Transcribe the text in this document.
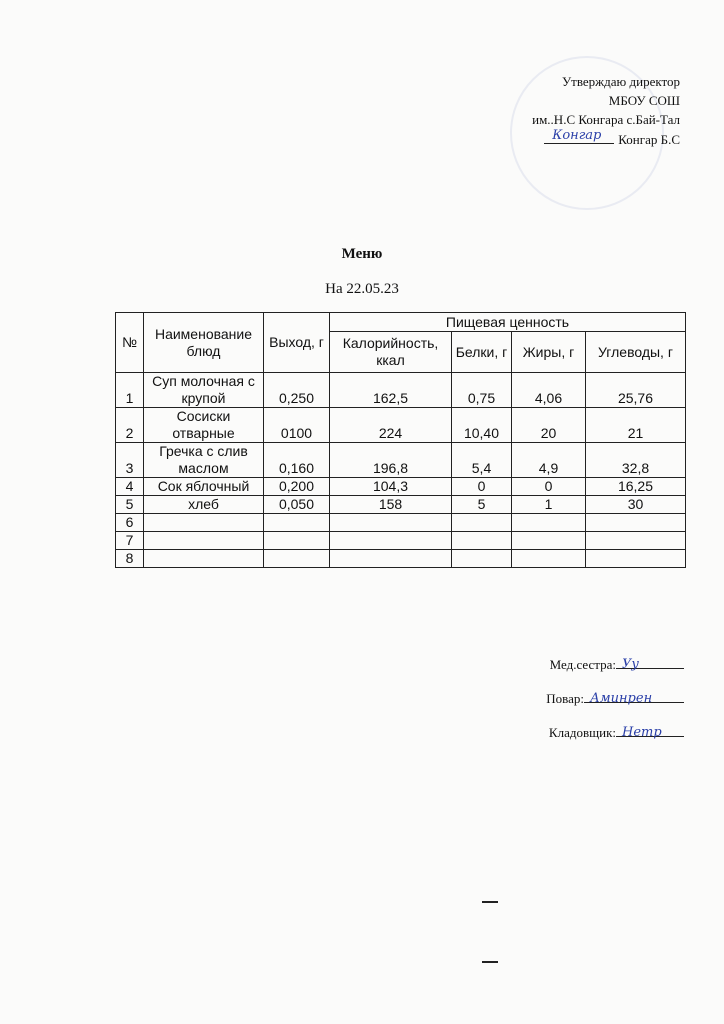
Утверждаю директор
МБОУ СОШ
им..Н.С Конгара с.Бай-Тал
Конгар Конгар Б.С
Меню
На 22.05.23
№	Наименование блюд	Выход, г	Пищевая ценность			
			Калорийность, ккал	Белки, г	Жиры, г	Углеводы, г
1	Суп молочная с крупой	0,250	162,5	0,75	4,06	25,76
2	Сосиски отварные	0100	224	10,40	20	21
3	Гречка с слив маслом	0,160	196,8	5,4	4,9	32,8
4	Сок яблочный	0,200	104,3	0	0	16,25
5	хлеб	0,050	158	5	1	30
6						
7						
8						
Мед.сестра: Уу
Повар: Аминрен
Кладовщик: Нетр
